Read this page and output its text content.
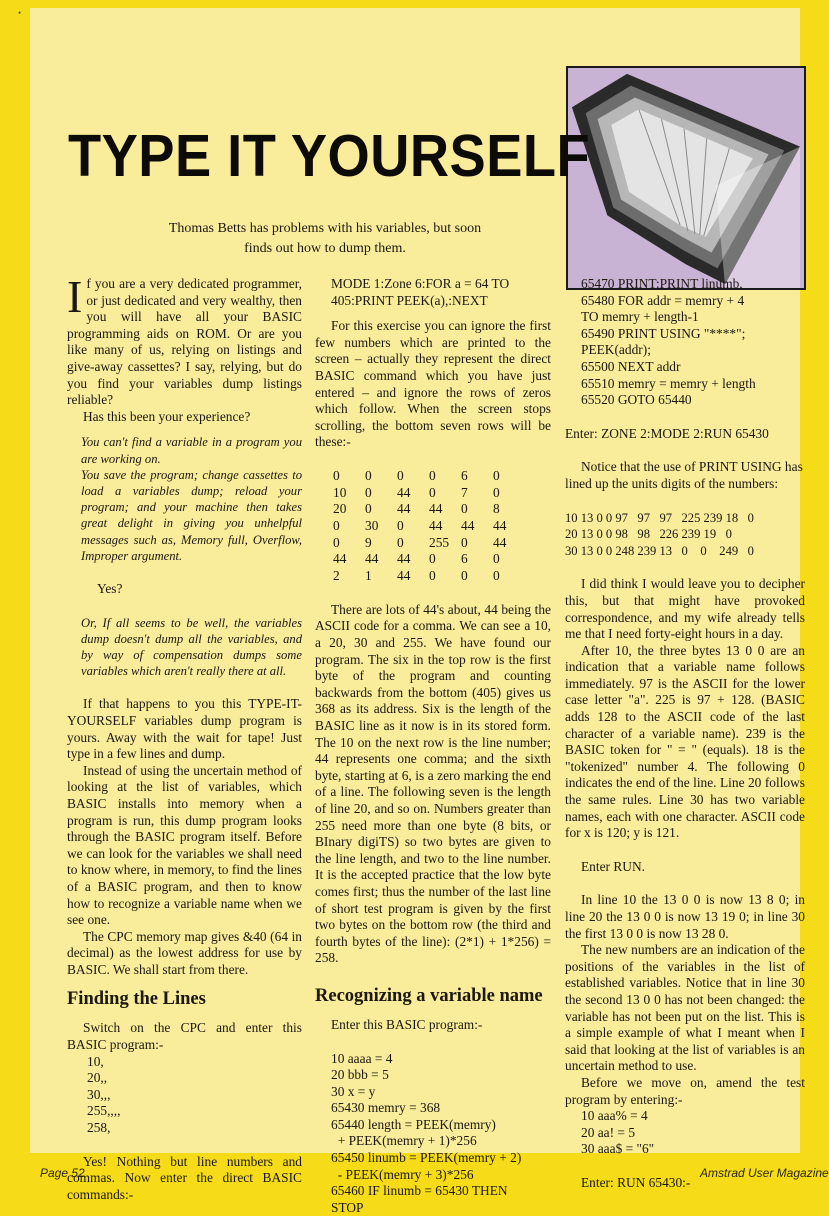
•
TYPE IT YOURSELF
Thomas Betts has problems with his variables, but soon finds out how to dump them.
If you are a very dedicated programmer, or just dedicated and very wealthy, then you will have all your BASIC programming aids on ROM. Or are you like many of us, relying on listings and give-away cassettes? I say, relying, but do you find your variables dump listings reliable?
Has this been your experience?
You can't find a variable in a program you are working on.
You save the program; change cassettes to load a variables dump; reload your program; and your machine then takes great delight in giving you unhelpful messages such as, Memory full, Overflow, Improper argument.
Yes?
Or, If all seems to be well, the variables dump doesn't dump all the variables, and by way of compensation dumps some variables which aren't really there at all.
If that happens to you this TYPE-IT-YOURSELF variables dump program is yours. Away with the wait for tape! Just type in a few lines and dump.
Instead of using the uncertain method of looking at the list of variables, which BASIC installs into memory when a program is run, this dump program looks through the BASIC program itself. Before we can look for the variables we shall need to know where, in memory, to find the lines of a BASIC program, and then to know how to recognize a variable name when we see one.
The CPC memory map gives &40 (64 in decimal) as the lowest address for use by BASIC. We shall start from there.
Finding the Lines
Switch on the CPC and enter this BASIC program:-
10,
20,,
30,,,
255,,,,
258,
Yes! Nothing but line numbers and commas. Now enter the direct BASIC commands:-
MODE 1:Zone 6:FOR a = 64 TO
405:PRINT PEEK(a),:NEXT
For this exercise you can ignore the first few numbers which are printed to the screen – actually they represent the direct BASIC command which you have just entered – and ignore the rows of zeros which follow. When the screen stops scrolling, the bottom seven rows will be these:-
0	0	0	0	6	0
10	0	44	0	7	0
20	0	44	44	0	8
0	30	0	44	44	44
0	9	0	255 0	44
44	44	44	0	6	0
2	1	44	0	0	0
There are lots of 44's about, 44 being the ASCII code for a comma. We can see a 10, a 20, 30 and 255. We have found our program. The six in the top row is the first byte of the program and counting backwards from the bottom (405) gives us 368 as its address. Six is the length of the BASIC line as it now is in its stored form. The 10 on the next row is the line number; 44 represents one comma; and the sixth byte, starting at 6, is a zero marking the end of a line. The following seven is the length of line 20, and so on. Numbers greater than 255 need more than one byte (8 bits, or BInary digiTS) so two bytes are given to the line length, and two to the line number. It is the accepted practice that the low byte comes first; thus the number of the last line of short test program is given by the first two bytes on the bottom row (the third and fourth bytes of the line): (2*1) + 1*256) = 258.
Recognizing a variable name
Enter this BASIC program:-
10 aaaa = 4
20 bbb = 5
30 x = y
65430 memry = 368
65440 length = PEEK(memry)
+ PEEK(memry + 1)*256
65450 linumb = PEEK(memry + 2)
- PEEK(memry + 3)*256
65460 IF linumb = 65430 THEN
STOP
65470 PRINT:PRINT linumb,
65480 FOR addr = memry + 4
TO memry + length-1
65490 PRINT USING "****";
PEEK(addr);
65500 NEXT addr
65510 memry = memry + length
65520 GOTO 65440
Enter: ZONE 2:MODE 2:RUN 65430
Notice that the use of PRINT USING has lined up the units digits of the numbers:
10 13 0 0 97   97   97   225 239 18   0
20 13 0 0 98   98   226 239 19   0
30 13 0 0 248 239 13   0    0    249   0
I did think I would leave you to decipher this, but that might have provoked correspondence, and my wife already tells me that I need forty-eight hours in a day.
After 10, the three bytes 13 0 0 are an indication that a variable name follows immediately. 97 is the ASCII for the lower case letter "a". 225 is 97 + 128. (BASIC adds 128 to the ASCII code of the last character of a variable name). 239 is the BASIC token for " = " (equals). 18 is the "tokenized" number 4. The following 0 indicates the end of the line. Line 20 follows the same rules. Line 30 has two variable names, each with one character. ASCII code for x is 120; y is 121.
Enter RUN.
In line 10 the 13 0 0 is now 13 8 0; in line 20 the 13 0 0 is now 13 19 0; in line 30 the first 13 0 0 is now 13 28 0.
The new numbers are an indication of the positions of the variables in the list of established variables. Notice that in line 30 the second 13 0 0 has not been changed: the variable has not been put on the list. This is a simple example of what I meant when I said that looking at the list of variables is an uncertain method to use.
Before we move on, amend the test program by entering:-
10 aaa% = 4
20 aa! = 5
30 aaa$ = "6"
Enter: RUN 65430:-
Page 52	Amstrad User Magazine
